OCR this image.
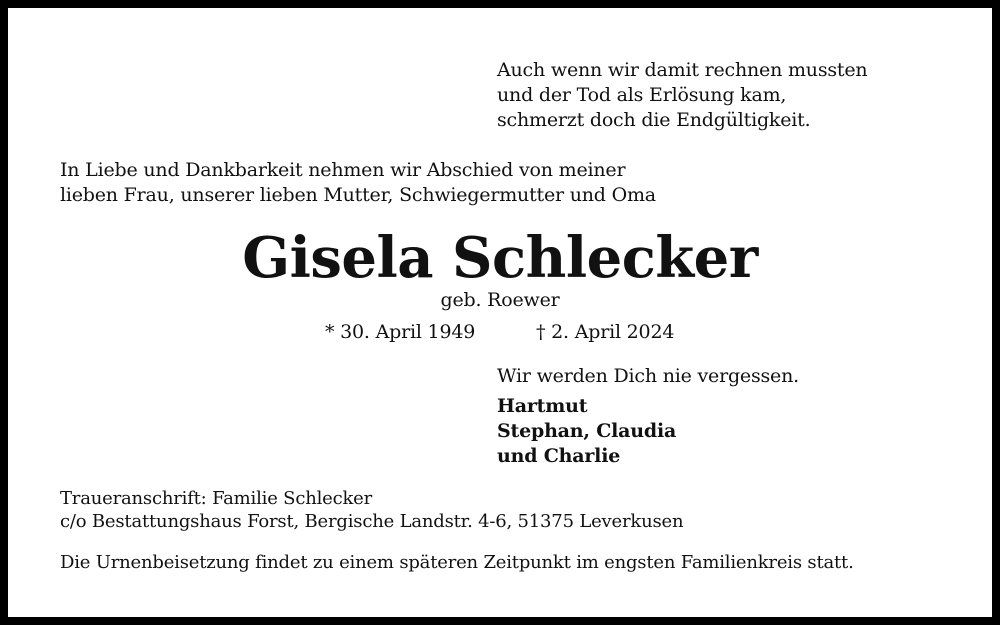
Auch wenn wir damit rechnen mussten
und der Tod als Erlösung kam,
schmerzt doch die Endgültigkeit.
In Liebe und Dankbarkeit nehmen wir Abschied von meiner
lieben Frau, unserer lieben Mutter, Schwiegermutter und Oma
Gisela Schlecker
geb. Roewer
* 30. April 1949	† 2. April 2024
Wir werden Dich nie vergessen.
Hartmut
Stephan, Claudia
und Charlie
Traueranschrift: Familie Schlecker
c/o Bestattungshaus Forst, Bergische Landstr. 4-6, 51375 Leverkusen
Die Urnenbeisetzung findet zu einem späteren Zeitpunkt im engsten Familienkreis statt.
